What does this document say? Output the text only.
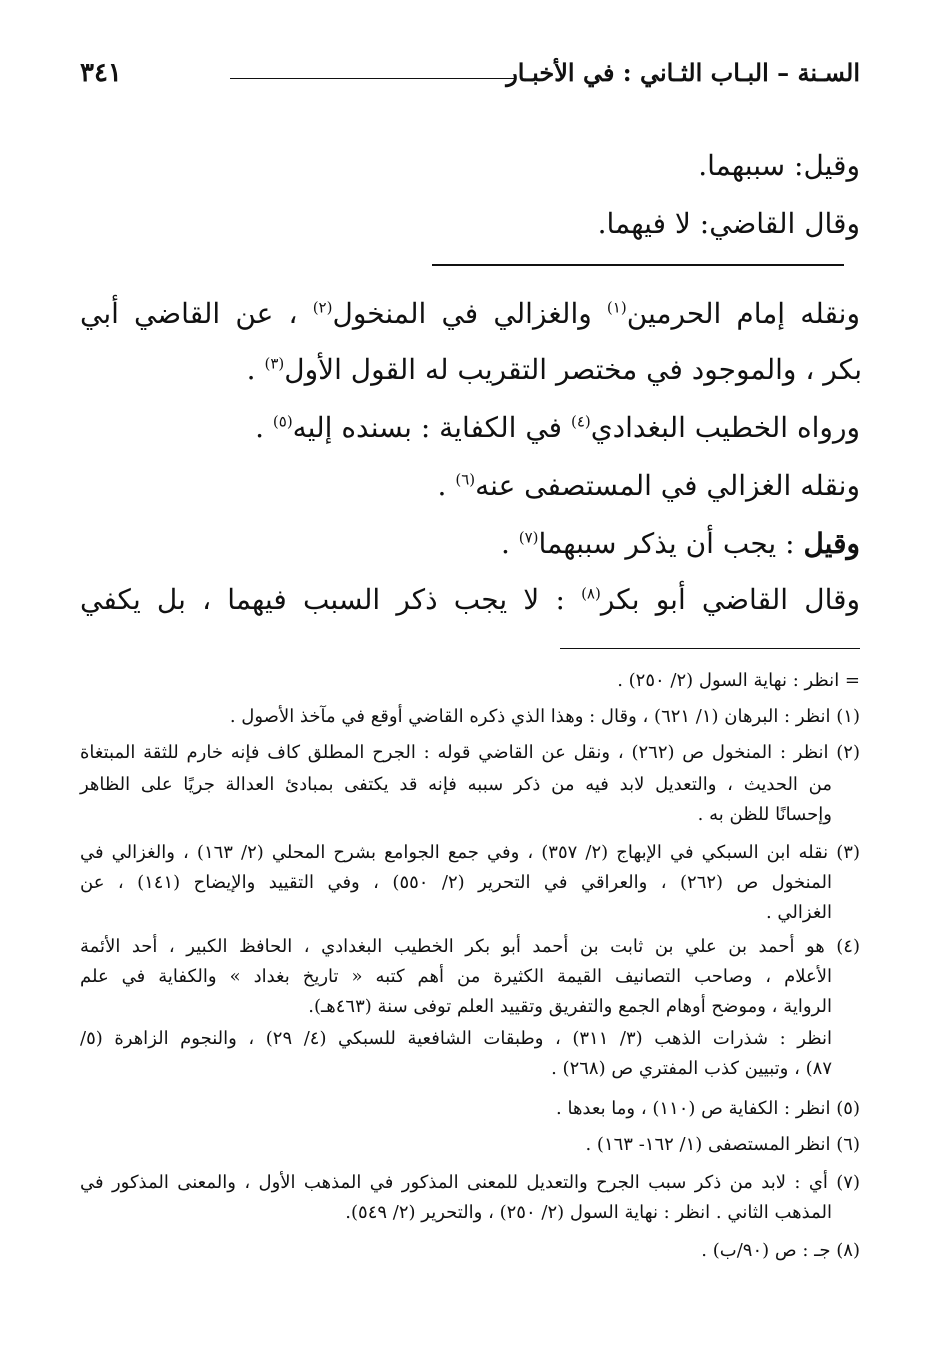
السـنة – البـاب الثـاني : في الأخبـار
٣٤١
وقيل: سببهما.
وقال القاضي: لا فيهما.
ونقله إمام الحرمين$^{(١)}$ والغزالي في المنخول$^{(٢)}$ ، عن القاضي أبي
بكر ، والموجود في مختصر التقريب له القول الأول$^{(٣)}$ .
ورواه الخطيب البغدادي$^{(٤)}$ في الكفاية : بسنده إليه$^{(٥)}$ .
ونقله الغزالي في المستصفى عنه$^{(٦)}$ .
وقيل : يجب أن يذكر سببهما$^{(٧)}$ .
وقال القاضي أبو بكر$^{(٨)}$ : لا يجب ذكر السبب فيهما ، بل يكفي
= انظر : نهاية السول (٢/ ٢٥٠) .
(١) انظر : البرهان (١/ ٦٢١) ، وقال : وهذا الذي ذكره القاضي أوقع في مآخذ الأصول .
(٢) انظر : المنخول ص (٢٦٢) ، ونقل عن القاضي قوله : الجرح المطلق كاف فإنه خارم للثقة المبتغاة
من الحديث ، والتعديل لابد فيه من ذكر سببه فإنه قد يكتفى بمبادئ العدالة جريًا على الظاهر
وإحسانًا للظن به .
(٣) نقله ابن السبكي في الإبهاج (٢/ ٣٥٧) ، وفي جمع الجوامع بشرح المحلي (٢/ ١٦٣) ، والغزالي في
المنخول ص (٢٦٢) ، والعراقي في التحرير (٢/ ٥٥٠) ، وفي التقييد والإيضاح (١٤١) ، عن
الغزالي .
(٤) هو أحمد بن علي بن ثابت بن أحمد أبو بكر الخطيب البغدادي ، الحافظ الكبير ، أحد الأئمة
الأعلام ، وصاحب التصانيف القيمة الكثيرة من أهم كتبه « تاريخ بغداد » والكفاية في علم
الرواية ، وموضح أوهام الجمع والتفريق وتقييد العلم توفى سنة (٤٦٣هـ).
انظر : شذرات الذهب (٣/ ٣١١) ، وطبقات الشافعية للسبكي (٤/ ٢٩) ، والنجوم الزاهرة (٥/
٨٧) ، وتبيين كذب المفتري ص (٢٦٨) .
(٥) انظر : الكفاية ص (١١٠) ، وما بعدها .
(٦) انظر المستصفى (١/ ١٦٢- ١٦٣) .
(٧) أي : لابد من ذكر سبب الجرح والتعديل للمعنى المذكور في المذهب الأول ، والمعنى المذكور في
المذهب الثاني . انظر : نهاية السول (٢/ ٢٥٠) ، والتحرير (٢/ ٥٤٩).
(٨) جـ : ص (٩٠/ب) .
